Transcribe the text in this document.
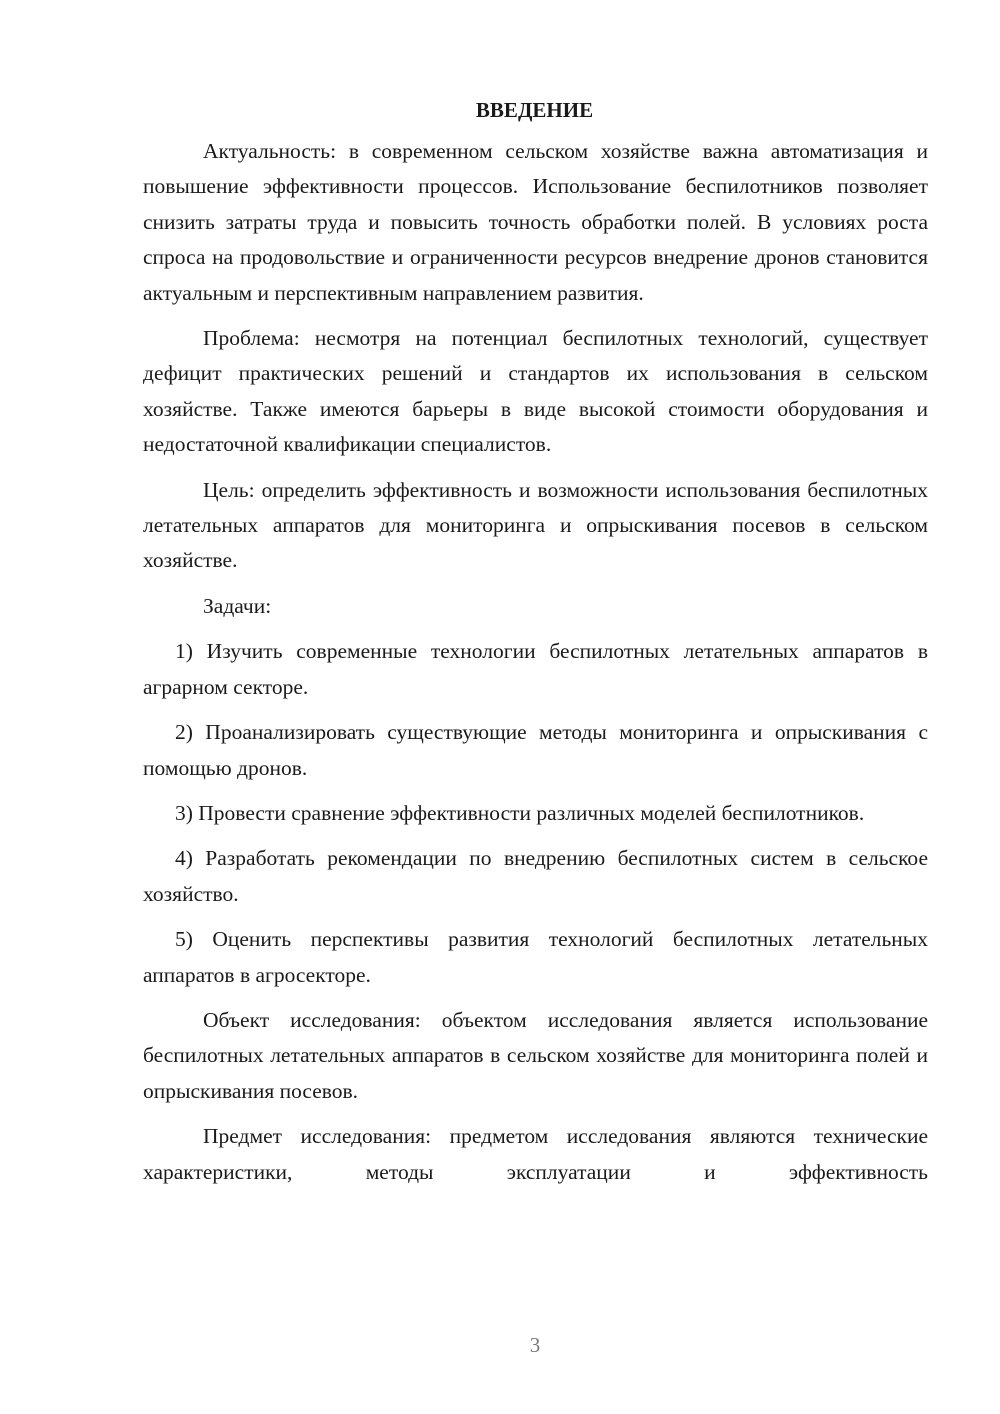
ВВЕДЕНИЕ

Актуальность: в современном сельском хозяйстве важна автоматизация и повышение эффективности процессов. Использование беспилотников позволяет снизить затраты труда и повысить точность обработки полей. В условиях роста спроса на продовольствие и ограниченности ресурсов внедрение дронов становится актуальным и перспективным направлением развития.

Проблема: несмотря на потенциал беспилотных технологий, существует дефицит практических решений и стандартов их использования в сельском хозяйстве. Также имеются барьеры в виде высокой стоимости оборудования и недостаточной квалификации специалистов.

Цель: определить эффективность и возможности использования беспилотных летательных аппаратов для мониторинга и опрыскивания посевов в сельском хозяйстве.

Задачи:

1) Изучить современные технологии беспилотных летательных аппаратов в аграрном секторе.

2) Проанализировать существующие методы мониторинга и опрыскивания с помощью дронов.

3) Провести сравнение эффективности различных моделей беспилотников.

4) Разработать рекомендации по внедрению беспилотных систем в сельское хозяйство.

5) Оценить перспективы развития технологий беспилотных летательных аппаратов в агросекторе.

Объект исследования: объектом исследования является использование беспилотных летательных аппаратов в сельском хозяйстве для мониторинга полей и опрыскивания посевов.

Предмет исследования: предметом исследования являются технические характеристики, методы эксплуатации и эффективность

3
